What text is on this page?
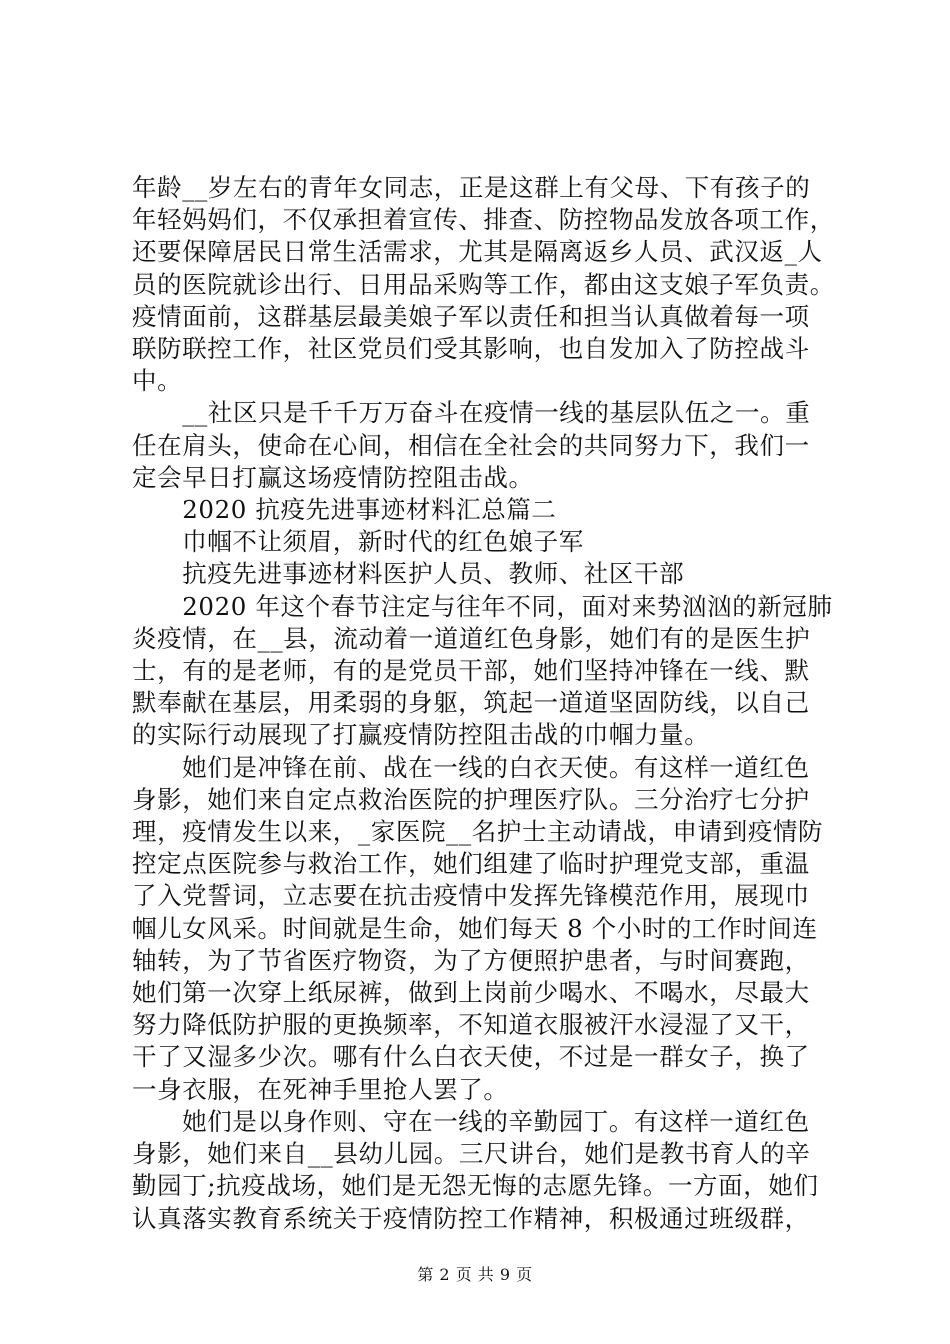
年龄__岁左右的青年女同志，正是这群上有父母、下有孩子的
年轻妈妈们，不仅承担着宣传、排查、防控物品发放各项工作，
还要保障居民日常生活需求，尤其是隔离返乡人员、武汉返_人
员的医院就诊出行、日用品采购等工作，都由这支娘子军负责。
疫情面前，这群基层最美娘子军以责任和担当认真做着每一项
联防联控工作，社区党员们受其影响，也自发加入了防控战斗
中。
　　__社区只是千千万万奋斗在疫情一线的基层队伍之一。重
任在肩头，使命在心间，相信在全社会的共同努力下，我们一
定会早日打赢这场疫情防控阻击战。
　　2020 抗疫先进事迹材料汇总篇二
　　巾帼不让须眉，新时代的红色娘子军
　　抗疫先进事迹材料医护人员、教师、社区干部
　　2020 年这个春节注定与往年不同，面对来势汹汹的新冠肺
炎疫情，在__县，流动着一道道红色身影，她们有的是医生护
士，有的是老师，有的是党员干部，她们坚持冲锋在一线、默
默奉献在基层，用柔弱的身躯，筑起一道道坚固防线，以自己
的实际行动展现了打赢疫情防控阻击战的巾帼力量。
　　她们是冲锋在前、战在一线的白衣天使。有这样一道红色
身影，她们来自定点救治医院的护理医疗队。三分治疗七分护
理，疫情发生以来，_家医院__名护士主动请战，申请到疫情防
控定点医院参与救治工作，她们组建了临时护理党支部，重温
了入党誓词，立志要在抗击疫情中发挥先锋模范作用，展现巾
帼儿女风采。时间就是生命，她们每天 8 个小时的工作时间连
轴转，为了节省医疗物资，为了方便照护患者，与时间赛跑，
她们第一次穿上纸尿裤，做到上岗前少喝水、不喝水，尽最大
努力降低防护服的更换频率，不知道衣服被汗水浸湿了又干，
干了又湿多少次。哪有什么白衣天使，不过是一群女子，换了
一身衣服，在死神手里抢人罢了。
　　她们是以身作则、守在一线的辛勤园丁。有这样一道红色
身影，她们来自__县幼儿园。三尺讲台，她们是教书育人的辛
勤园丁;抗疫战场，她们是无怨无悔的志愿先锋。一方面，她们
认真落实教育系统关于疫情防控工作精神，积极通过班级群，

第 2 页 共 9 页
